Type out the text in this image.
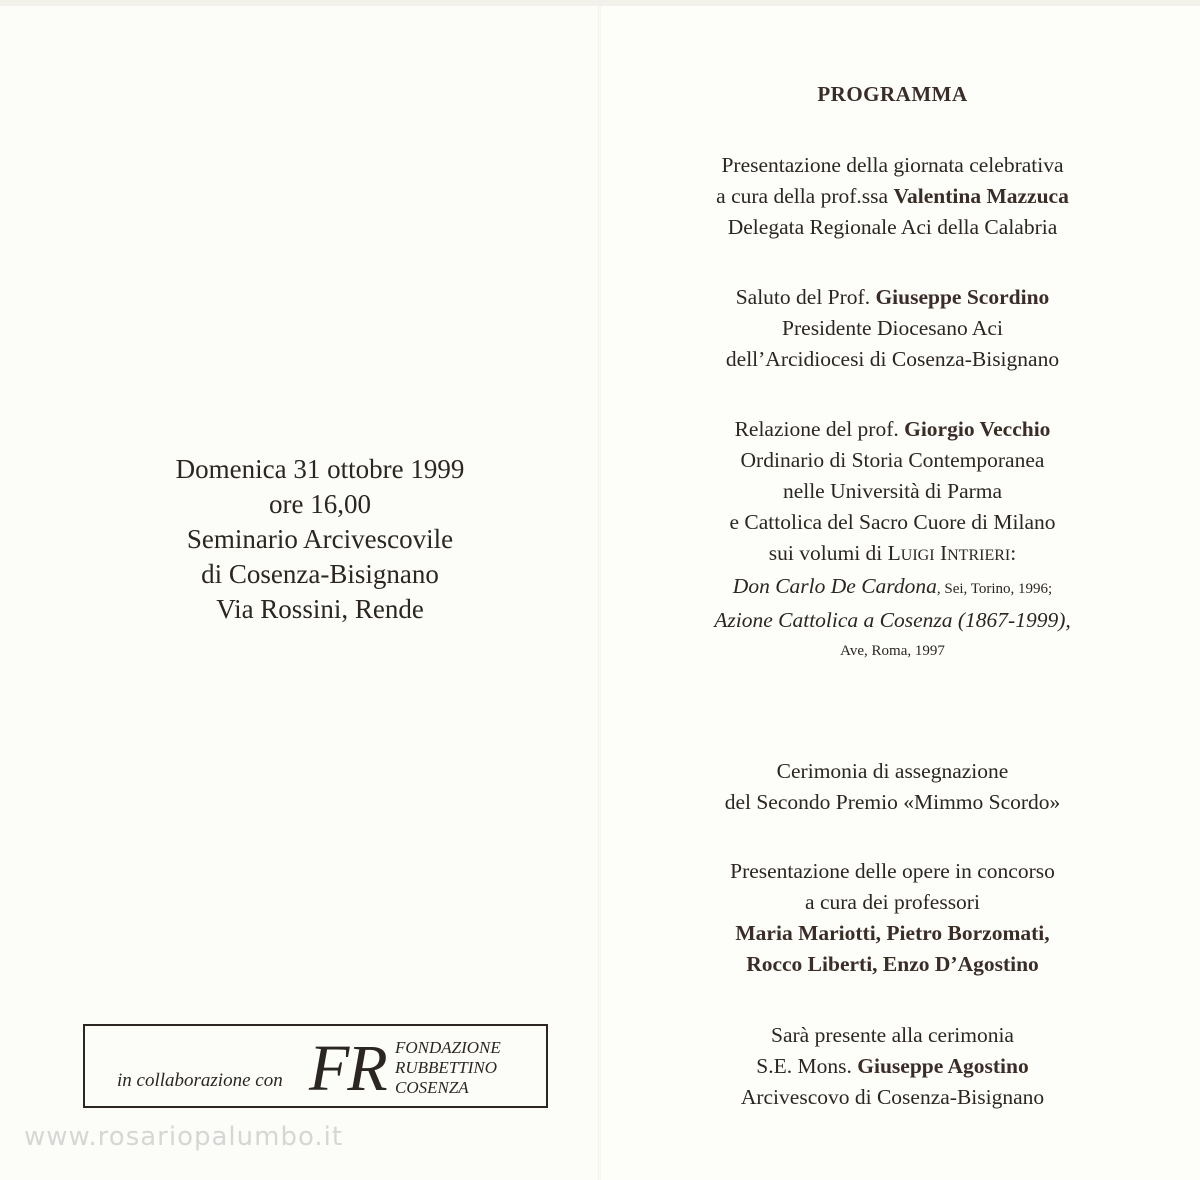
Domenica 31 ottobre 1999
ore 16,00
Seminario Arcivescovile
di Cosenza-Bisignano
Via Rossini, Rende
in collaborazione con FR FONDAZIONE
RUBBETTINO
COSENZA
www.rosariopalumbo.it
PROGRAMMA
Presentazione della giornata celebrativa
a cura della prof.ssa Valentina Mazzuca
Delegata Regionale Aci della Calabria
Saluto del Prof. Giuseppe Scordino
Presidente Diocesano Aci
dell’Arcidiocesi di Cosenza-Bisignano
Relazione del prof. Giorgio Vecchio
Ordinario di Storia Contemporanea
nelle Università di Parma
e Cattolica del Sacro Cuore di Milano
sui volumi di LUIGI INTRIERI:
Don Carlo De Cardona, Sei, Torino, 1996;
Azione Cattolica a Cosenza (1867-1999),
Ave, Roma, 1997
Cerimonia di assegnazione
del Secondo Premio «Mimmo Scordo»
Presentazione delle opere in concorso
a cura dei professori
Maria Mariotti, Pietro Borzomati,
Rocco Liberti, Enzo D’Agostino
Sarà presente alla cerimonia
S.E. Mons. Giuseppe Agostino
Arcivescovo di Cosenza-Bisignano
